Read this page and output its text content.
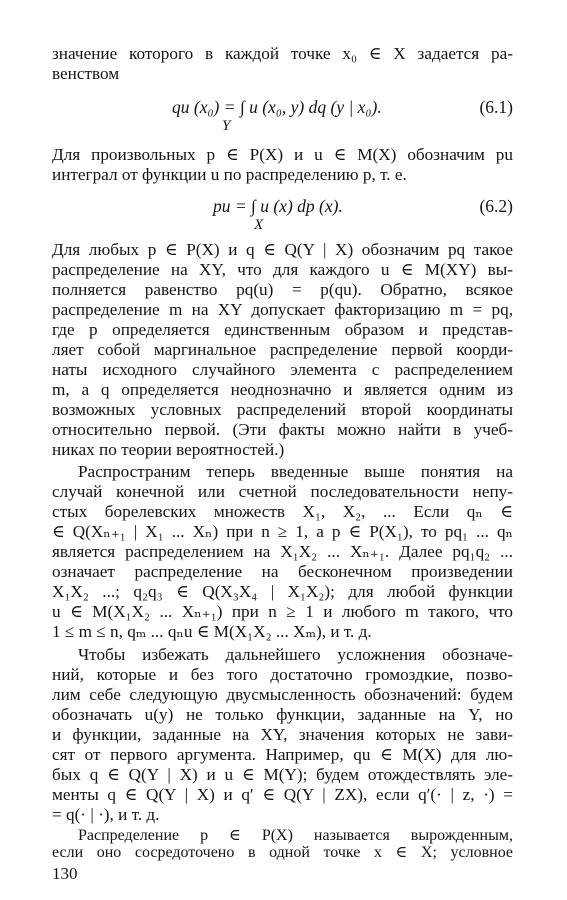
значение которого в каждой точке x₀ ∈ X задается ра-
венством
qu (x₀) = ∫ u (x₀, y) dq (y | x₀).
Y
(6.1)
Для произвольных p ∈ P(X) и u ∈ M(X) обозначим pu
интеграл от функции u по распределению p, т. е.
pu = ∫ u (x) dp (x).
X
(6.2)
Для любых p ∈ P(X) и q ∈ Q(Y | X) обозначим pq такое
распределение на XY, что для каждого u ∈ M(XY) вы-
полняется равенство pq(u) = p(qu). Обратно, всякое
распределение m на XY допускает факторизацию m = pq,
где p определяется единственным образом и представ-
ляет собой маргинальное распределение первой коорди-
наты исходного случайного элемента с распределением
m, а q определяется неоднозначно и является одним из
возможных условных распределений второй координаты
относительно первой. (Эти факты можно найти в учеб-
никах по теории вероятностей.)
Распространим теперь введенные выше понятия на
случай конечной или счетной последовательности непу-
стых борелевских множеств X₁, X₂, ... Если qₙ ∈
∈ Q(Xₙ₊₁ | X₁ ... Xₙ) при n ≥ 1, а p ∈ P(X₁), то pq₁ ... qₙ
является распределением на X₁X₂ ... Xₙ₊₁. Далее pq₁q₂ ...
означает распределение на бесконечном произведении
X₁X₂ ...; q₂q₃ ∈ Q(X₃X₄ | X₁X₂); для любой функции
u ∈ M(X₁X₂ ... Xₙ₊₁) при n ≥ 1 и любого m такого, что
1 ≤ m ≤ n, qₘ ... qₙu ∈ M(X₁X₂ ... Xₘ), и т. д.
Чтобы избежать дальнейшего усложнения обозначе-
ний, которые и без того достаточно громоздкие, позво-
лим себе следующую двусмысленность обозначений: будем
обозначать u(y) не только функции, заданные на Y, но
и функции, заданные на XY, значения которых не зави-
сят от первого аргумента. Например, qu ∈ M(X) для лю-
бых q ∈ Q(Y | X) и u ∈ M(Y); будем отождествлять эле-
менты q ∈ Q(Y | X) и q′ ∈ Q(Y | ZX), если q′(· | z, ·) =
= q(· | ·), и т. д.
Распределение p ∈ P(X) называется вырожденным,
если оно сосредоточено в одной точке x ∈ X; условное
130
